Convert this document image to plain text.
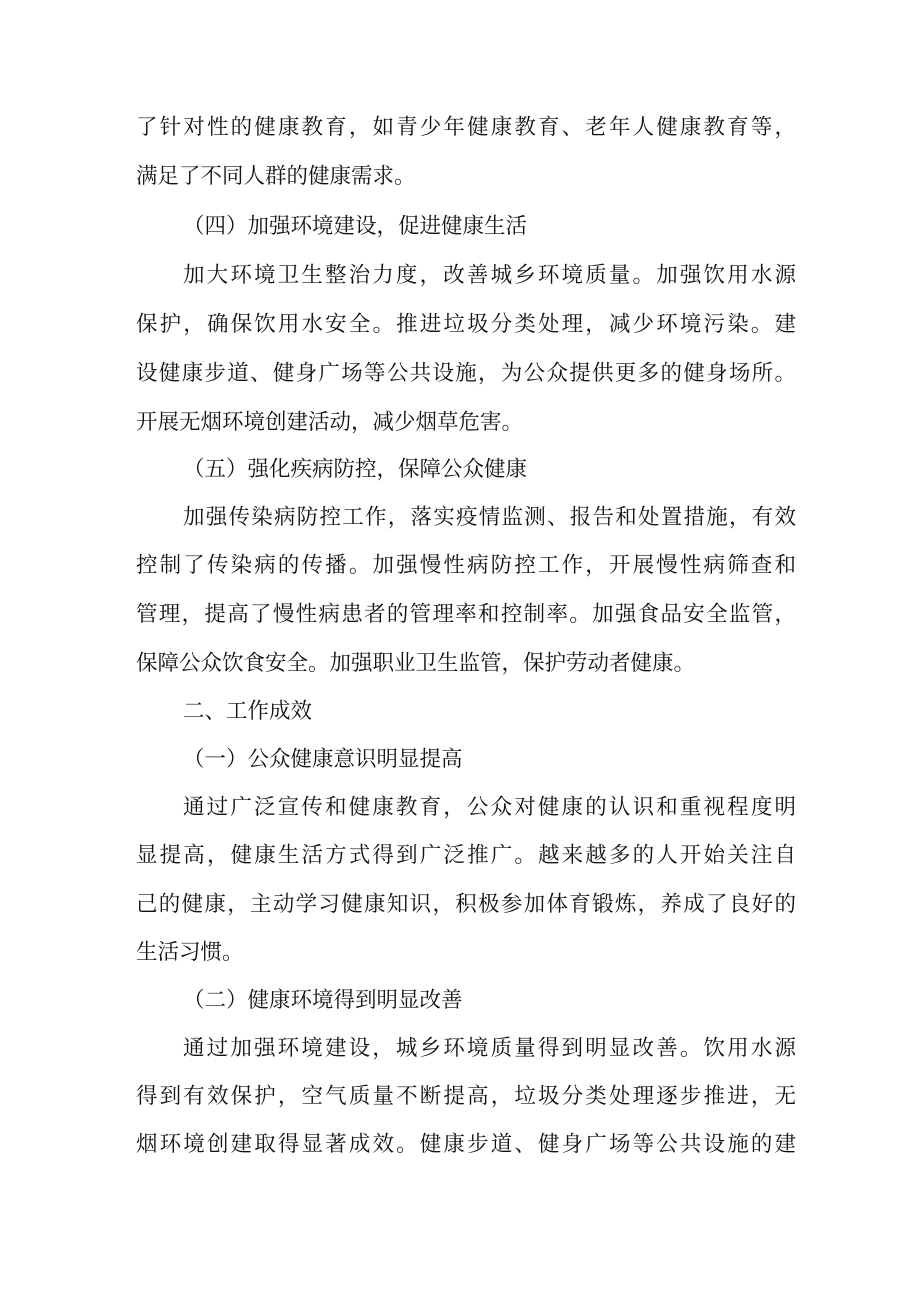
了针对性的健康教育，如青少年健康教育、老年人健康教育等，
满足了不同人群的健康需求。
（四）加强环境建设，促进健康生活
加大环境卫生整治力度，改善城乡环境质量。加强饮用水源
保护，确保饮用水安全。推进垃圾分类处理，减少环境污染。建
设健康步道、健身广场等公共设施，为公众提供更多的健身场所。
开展无烟环境创建活动，减少烟草危害。
（五）强化疾病防控，保障公众健康
加强传染病防控工作，落实疫情监测、报告和处置措施，有效
控制了传染病的传播。加强慢性病防控工作，开展慢性病筛查和
管理，提高了慢性病患者的管理率和控制率。加强食品安全监管，
保障公众饮食安全。加强职业卫生监管，保护劳动者健康。
二、工作成效
（一）公众健康意识明显提高
通过广泛宣传和健康教育，公众对健康的认识和重视程度明
显提高，健康生活方式得到广泛推广。越来越多的人开始关注自
己的健康，主动学习健康知识，积极参加体育锻炼，养成了良好的
生活习惯。
（二）健康环境得到明显改善
通过加强环境建设，城乡环境质量得到明显改善。饮用水源
得到有效保护，空气质量不断提高，垃圾分类处理逐步推进，无
烟环境创建取得显著成效。健康步道、健身广场等公共设施的建
